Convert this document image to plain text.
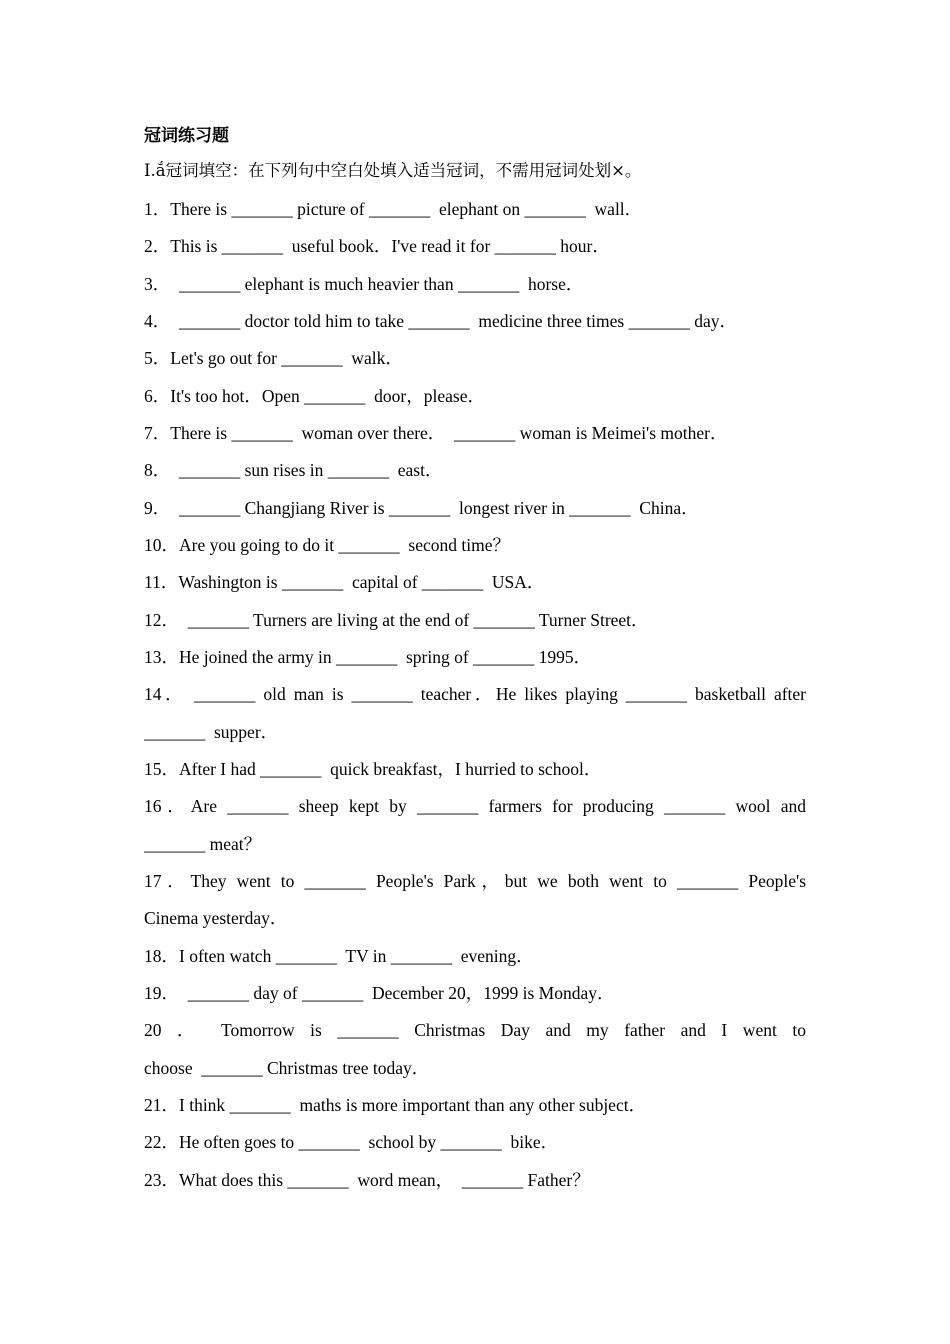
冠词练习题
I.ắ冠词填空：在下列句中空白处填入适当冠词，不需用冠词处划×。
1．There is _______ picture of _______  elephant on _______  wall．
2．This is _______  useful book．I've read it for _______ hour．
3．  _______ elephant is much heavier than _______  horse．
4．  _______ doctor told him to take _______  medicine three times _______ day．
5．Let's go out for _______  walk．
6．It's too hot．Open _______  door，please．
7．There is _______  woman over there．  _______ woman is Meimei's mother．
8．  _______ sun rises in _______  east．
9．  _______ Changjiang River is _______  longest river in _______  China．
10．Are you going to do it _______  second time？
11．Washington is _______  capital of _______  USA．
12．  _______ Turners are living at the end of _______ Turner Street．
13．He joined the army in _______  spring of _______ 1995．
14． _______ old man is _______ teacher．He likes playing _______ basketball after
_______  supper．
15．After I had _______  quick breakfast，I hurried to school．
16．Are _______ sheep kept by _______ farmers for producing _______ wool and
_______ meat？
17．They went to _______ People's Park，but we both went to _______ People's
Cinema yesterday．
18．I often watch _______  TV in _______  evening．
19．  _______ day of _______  December 20，1999 is Monday．
20 ． Tomorrow is _______ Christmas Day and my father and I went to
choose  _______ Christmas tree today．
21．I think _______  maths is more important than any other subject．
22．He often goes to _______  school by _______  bike．
23．What does this _______  word mean，  _______ Father？
